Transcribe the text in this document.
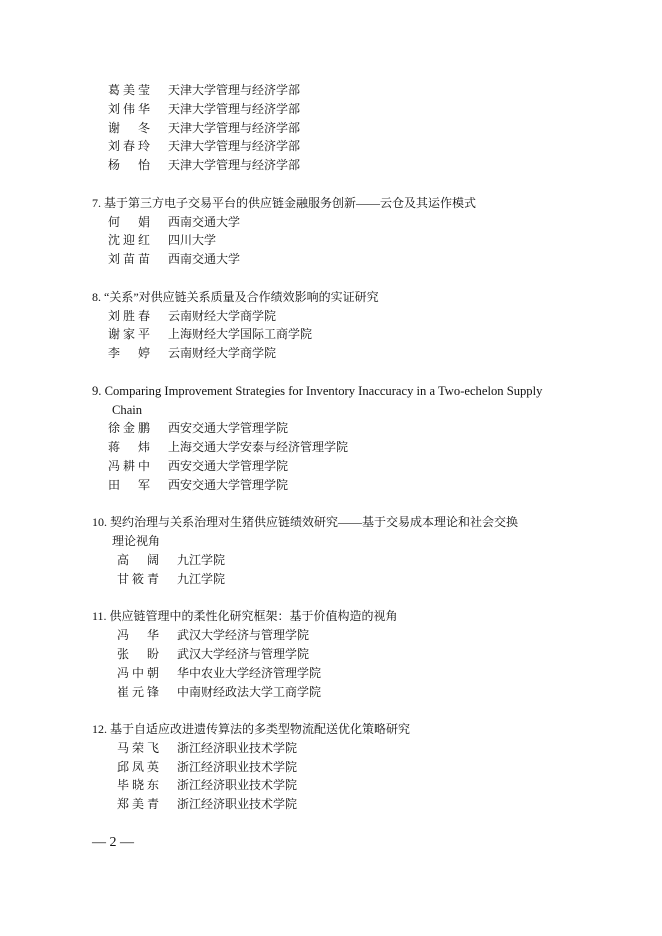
葛美莹 天津大学管理与经济学部
刘伟华 天津大学管理与经济学部
谢冬 天津大学管理与经济学部
刘春玲 天津大学管理与经济学部
杨怡 天津大学管理与经济学部
7. 基于第三方电子交易平台的供应链金融服务创新——云仓及其运作模式
何娟 西南交通大学
沈迎红 四川大学
刘苗苗 西南交通大学
8. “关系”对供应链关系质量及合作绩效影响的实证研究
刘胜春 云南财经大学商学院
谢家平 上海财经大学国际工商学院
李婷 云南财经大学商学院
9. Comparing Improvement Strategies for Inventory Inaccuracy in a Two-echelon Supply
Chain
徐金鹏 西安交通大学管理学院
蒋炜 上海交通大学安泰与经济管理学院
冯耕中 西安交通大学管理学院
田军 西安交通大学管理学院
10. 契约治理与关系治理对生猪供应链绩效研究——基于交易成本理论和社会交换
理论视角
高阔 九江学院
甘筱青 九江学院
11. 供应链管理中的柔性化研究框架：基于价值构造的视角
冯华 武汉大学经济与管理学院
张盼 武汉大学经济与管理学院
冯中朝 华中农业大学经济管理学院
崔元锋 中南财经政法大学工商学院
12. 基于自适应改进遗传算法的多类型物流配送优化策略研究
马荣飞 浙江经济职业技术学院
邱凤英 浙江经济职业技术学院
毕晓东 浙江经济职业技术学院
郑美青 浙江经济职业技术学院
— 2 —
